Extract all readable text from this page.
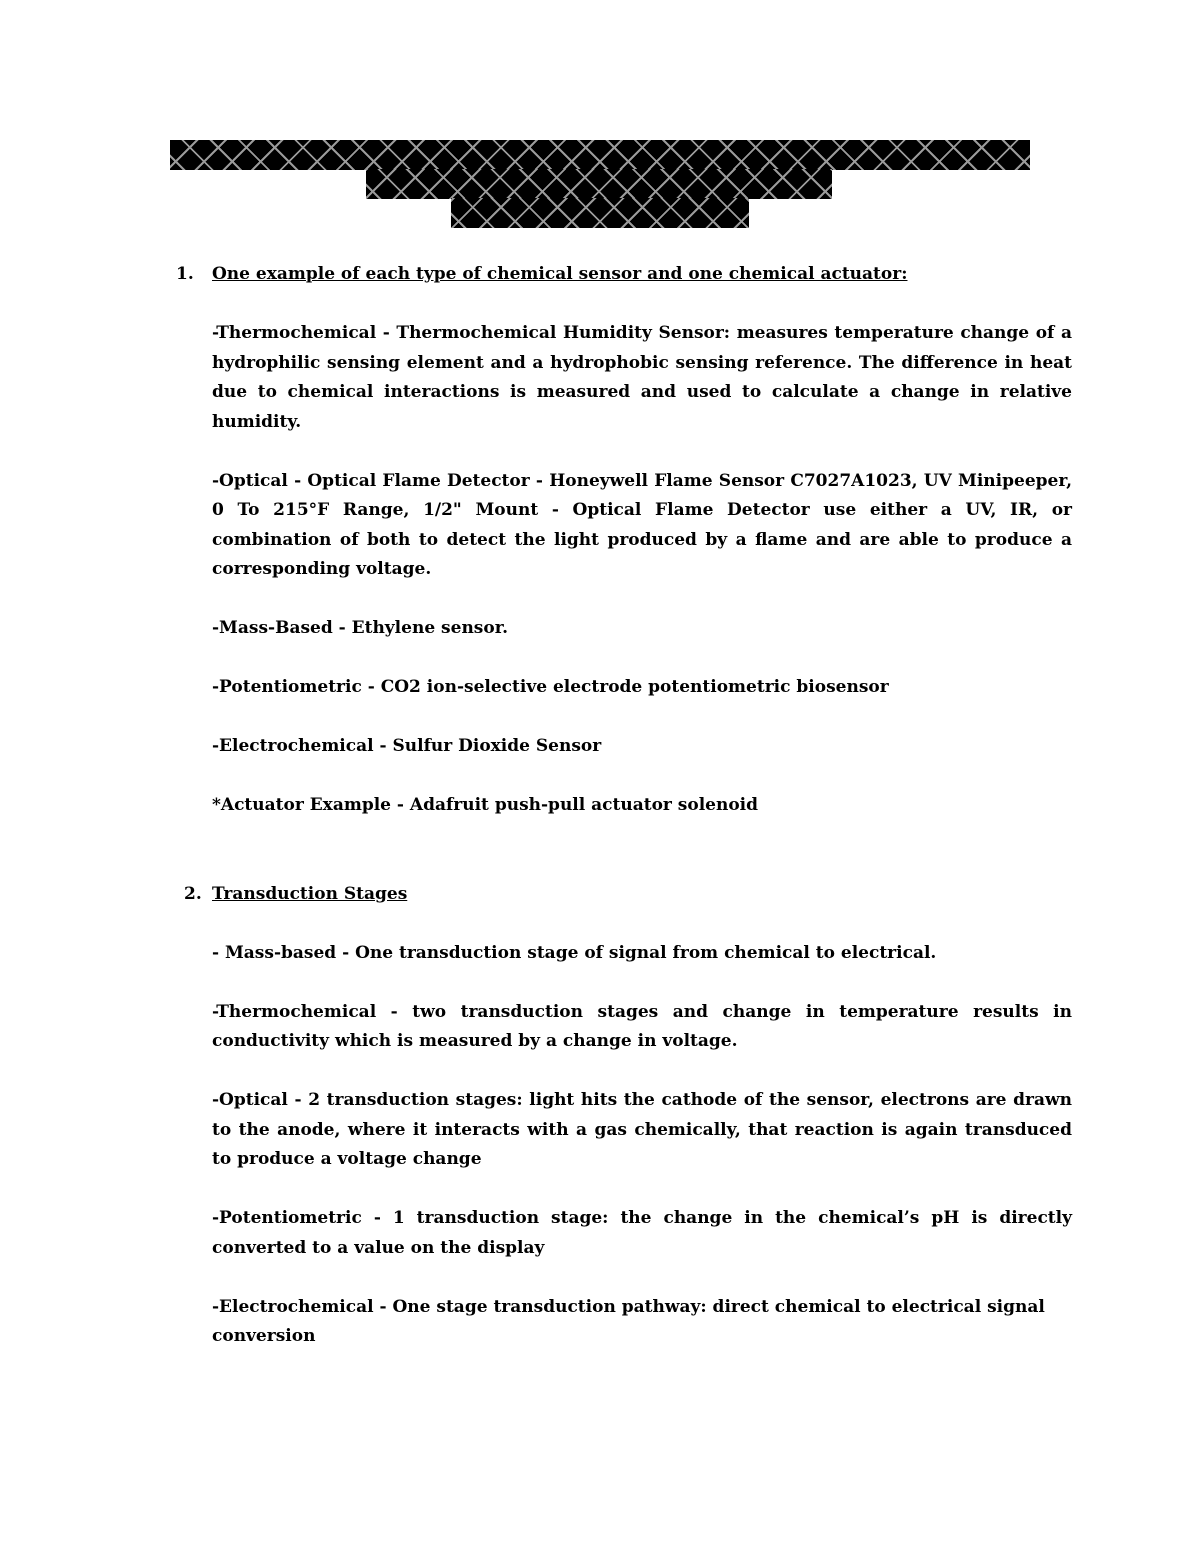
1. One example of each type of chemical sensor and one chemical actuator:

-Thermochemical - Thermochemical Humidity Sensor: measures temperature change of a hydrophilic sensing element and a hydrophobic sensing reference. The difference in heat due to chemical interactions is measured and used to calculate a change in relative humidity.

-Optical - Optical Flame Detector - Honeywell Flame Sensor C7027A1023, UV Minipeeper, 0 To 215°F Range, 1/2" Mount - Optical Flame Detector use either a UV, IR, or combination of both to detect the light produced by a flame and are able to produce a corresponding voltage.

-Mass-Based - Ethylene sensor.

-Potentiometric - CO2 ion-selective electrode potentiometric biosensor

-Electrochemical - Sulfur Dioxide Sensor

*Actuator Example - Adafruit push-pull actuator solenoid

2. Transduction Stages

- Mass-based - One transduction stage of signal from chemical to electrical.

-Thermochemical - two transduction stages and change in temperature results in conductivity which is measured by a change in voltage.

-Optical - 2 transduction stages: light hits the cathode of the sensor, electrons are drawn to the anode, where it interacts with a gas chemically, that reaction is again transduced to produce a voltage change

-Potentiometric - 1 transduction stage: the change in the chemical’s pH is directly converted to a value on the display

-Electrochemical - One stage transduction pathway: direct chemical to electrical signal conversion
